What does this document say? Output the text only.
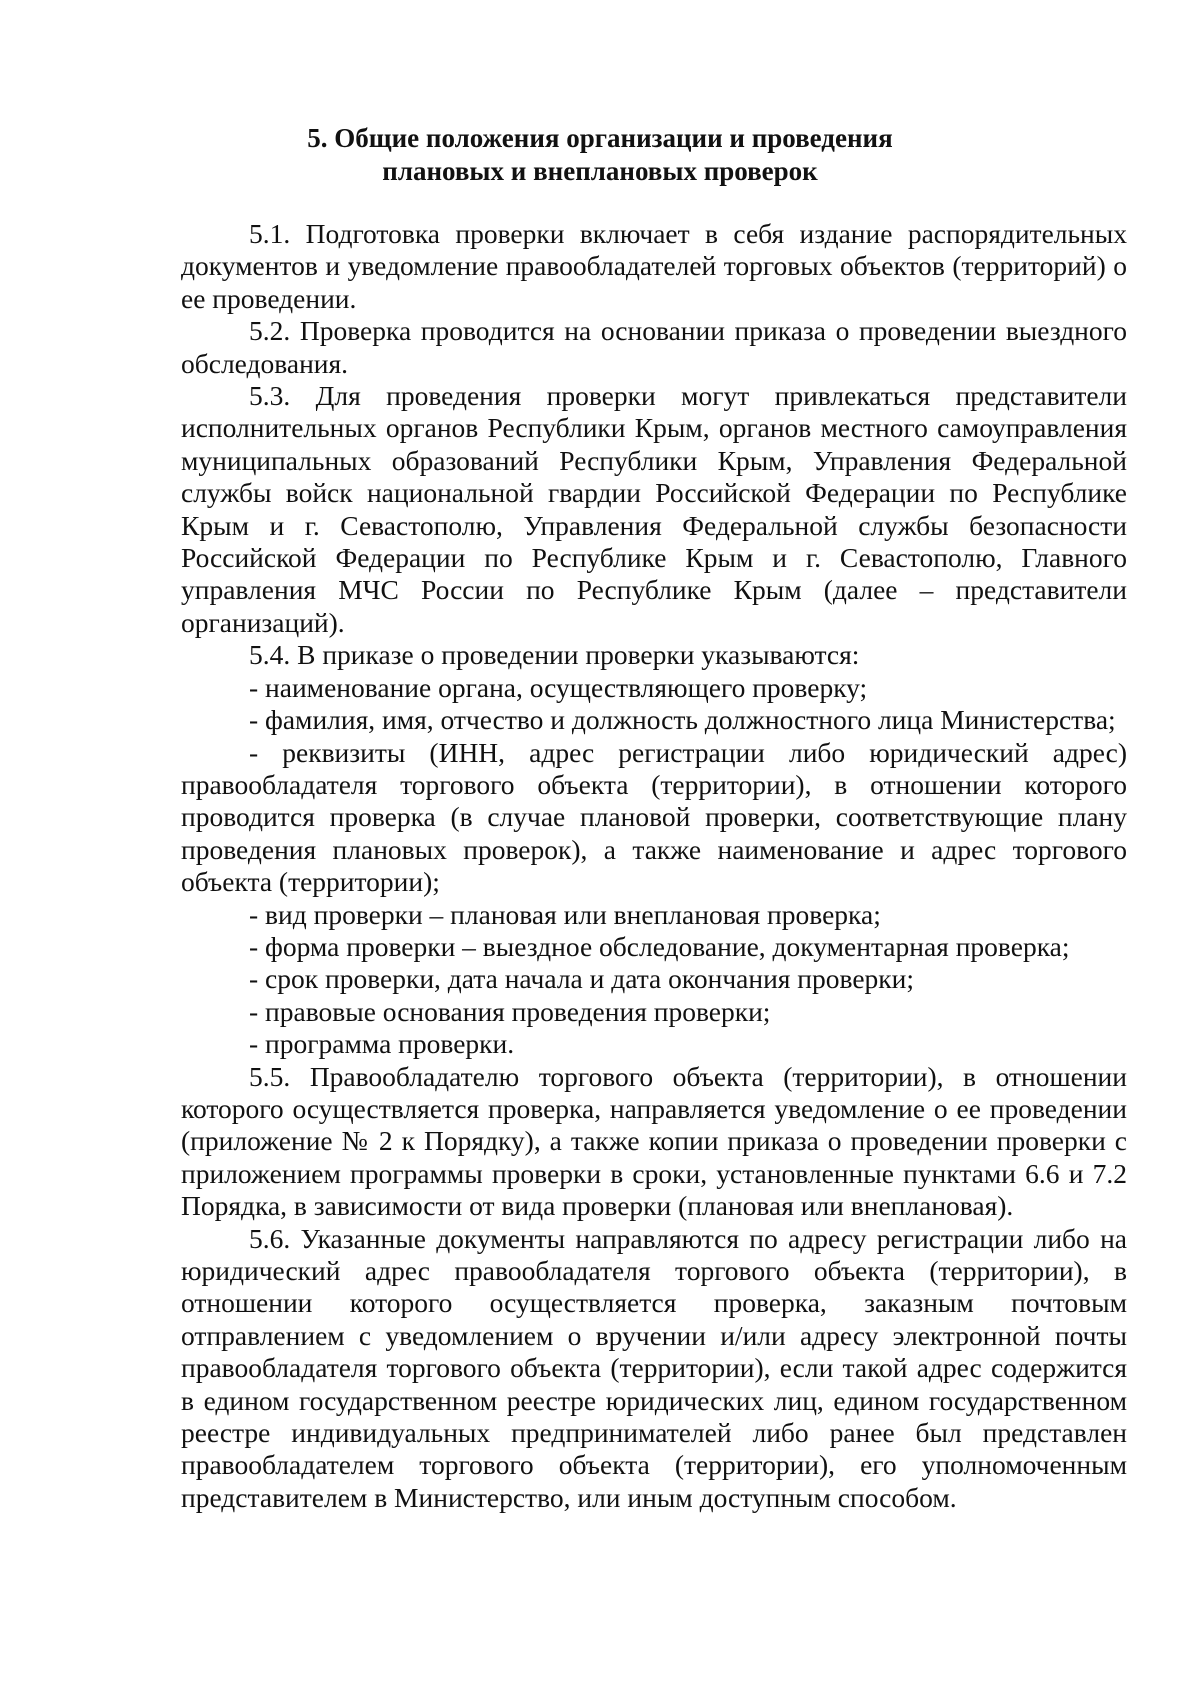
5. Общие положения организации и проведения
плановых и внеплановых проверок

5.1. Подготовка проверки включает в себя издание распорядительных документов и уведомление правообладателей торговых объектов (территорий) о ее проведении.

5.2. Проверка проводится на основании приказа о проведении выездного обследования.

5.3. Для проведения проверки могут привлекаться представители исполнительных органов Республики Крым, органов местного самоуправления муниципальных образований Республики Крым, Управления Федеральной службы войск национальной гвардии Российской Федерации по Республике Крым и г. Севастополю, Управления Федеральной службы безопасности Российской Федерации по Республике Крым и г. Севастополю, Главного управления МЧС России по Республике Крым (далее – представители организаций).

5.4. В приказе о проведении проверки указываются:

- наименование органа, осуществляющего проверку;

- фамилия, имя, отчество и должность должностного лица Министерства;

- реквизиты (ИНН, адрес регистрации либо юридический адрес) правообладателя торгового объекта (территории), в отношении которого проводится проверка (в случае плановой проверки, соответствующие плану проведения плановых проверок), а также наименование и адрес торгового объекта (территории);

- вид проверки – плановая или внеплановая проверка;

- форма проверки – выездное обследование, документарная проверка;

- срок проверки, дата начала и дата окончания проверки;

- правовые основания проведения проверки;

- программа проверки.

5.5. Правообладателю торгового объекта (территории), в отношении которого осуществляется проверка, направляется уведомление о ее проведении (приложение № 2 к Порядку), а также копии приказа о проведении проверки с приложением программы проверки в сроки, установленные пунктами 6.6 и 7.2 Порядка, в зависимости от вида проверки (плановая или внеплановая).

5.6. Указанные документы направляются по адресу регистрации либо на юридический адрес правообладателя торгового объекта (территории), в отношении которого осуществляется проверка, заказным почтовым отправлением с уведомлением о вручении и/или адресу электронной почты правообладателя торгового объекта (территории), если такой адрес содержится в едином государственном реестре юридических лиц, едином государственном реестре индивидуальных предпринимателей либо ранее был представлен правообладателем торгового объекта (территории), его уполномоченным представителем в Министерство, или иным доступным способом.
